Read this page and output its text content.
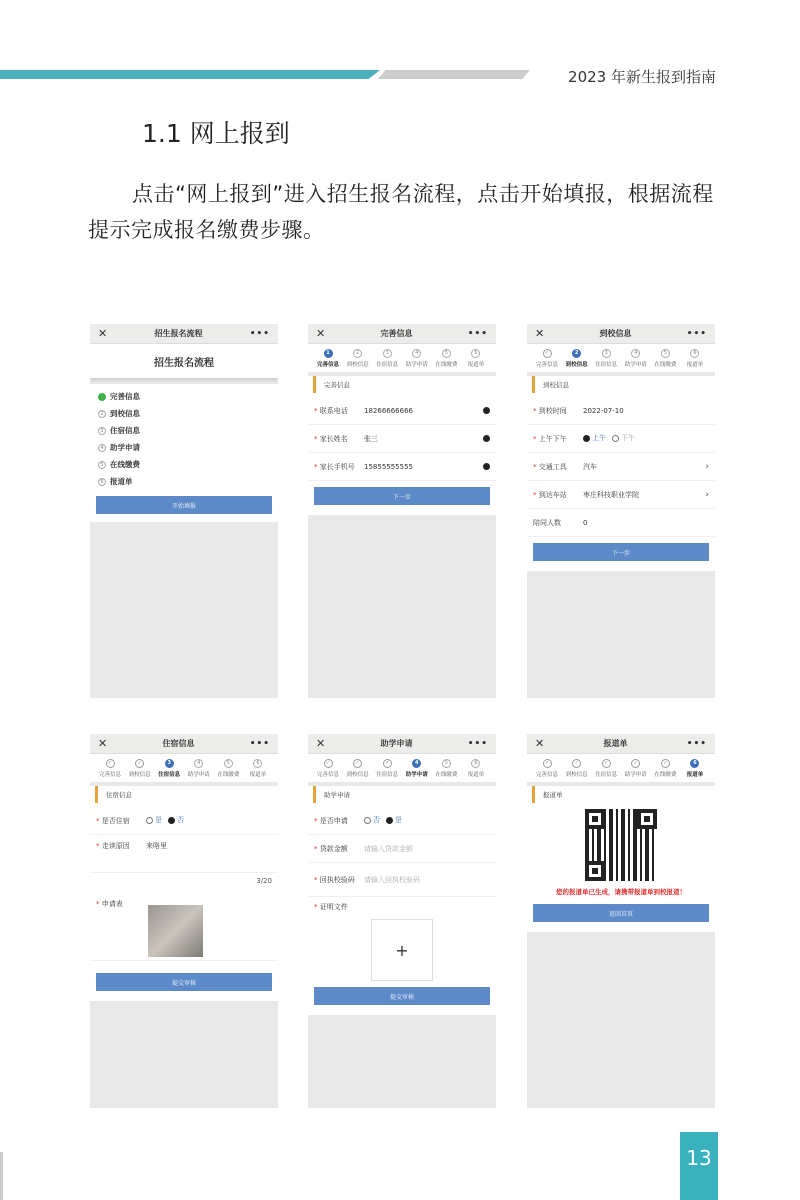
2023 年新生报到指南
1.1 网上报到
点击“网上报到”进入招生报名流程，点击开始填报，根据流程提示完成报名缴费步骤。
✕	招生报名流程	•••
招生报名流程
完善信息
2 到校信息
3 住宿信息
4 助学申请
5 在线缴费
6 报道单
开始填报
✕	完善信息	•••
1
完善信息
2
到校信息
3
住宿信息
4
助学申请
5
在线缴费
6
报道单
完善信息
* 联系电话	18266666666
* 家长姓名	张三
* 家长手机号	15855555555
下一步
✕	到校信息	•••
✓
完善信息
2
到校信息
3
住宿信息
4
助学申请
5
在线缴费
6
报道单
到校信息
* 到校时间	2022-07-10
* 上午下午	上午 下午
* 交通工具	汽车	›
* 到达车站	枣庄科技职业学院	›
陪同人数	0
下一步
✕	住宿信息	•••
✓
完善信息
✓
到校信息
3
住宿信息
4
助学申请
5
在线缴费
6
报道单
住宿信息
* 是否住宿	是 否
* 走读原因	来咯里
3/20
* 申请表
提交审核
✕	助学申请	•••
✓
完善信息
✓
到校信息
✓
住宿信息
4
助学申请
5
在线缴费
6
报道单
助学申请
* 是否申请	否 是
* 贷款金额	请输入贷款金额
* 回执校验码	请输入回执校验码
* 证明文件
+
提交审核
✕	报道单	•••
✓
完善信息
✓
到校信息
✓
住宿信息
✓
助学申请
✓
在线缴费
6
报道单
报道单
您的报道单已生成，请携带报道单到校报道！
返回首页
13
